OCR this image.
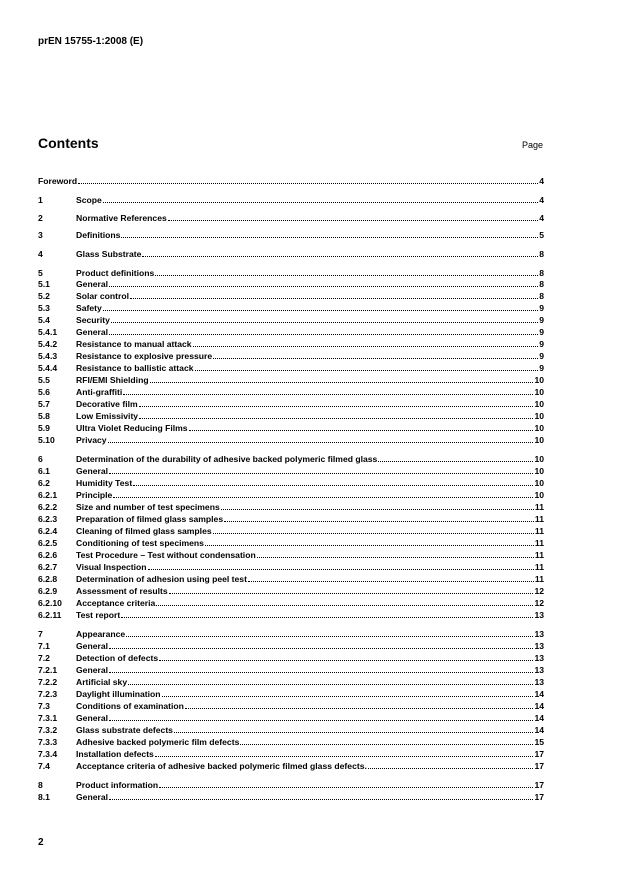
prEN 15755-1:2008 (E)
Contents	Page
Foreword	4
1	Scope	4
2	Normative References	4
3	Definitions	5
4	Glass Substrate	8
5	Product definitions	8
5.1	General	8
5.2	Solar control	8
5.3	Safety	9
5.4	Security	9
5.4.1	General	9
5.4.2	Resistance to manual attack	9
5.4.3	Resistance to explosive pressure	9
5.4.4	Resistance to ballistic attack	9
5.5	RFI/EMI Shielding	10
5.6	Anti-graffiti	10
5.7	Decorative film	10
5.8	Low Emissivity	10
5.9	Ultra Violet Reducing Films	10
5.10	Privacy	10
6	Determination of the durability of adhesive backed polymeric filmed glass	10
6.1	General	10
6.2	Humidity Test	10
6.2.1	Principle	10
6.2.2	Size and number of test specimens	11
6.2.3	Preparation of filmed glass samples	11
6.2.4	Cleaning of filmed glass samples	11
6.2.5	Conditioning of test specimens	11
6.2.6	Test Procedure – Test without condensation	11
6.2.7	Visual Inspection	11
6.2.8	Determination of adhesion using peel test	11
6.2.9	Assessment of results	12
6.2.10	Acceptance criteria	12
6.2.11	Test report	13
7	Appearance	13
7.1	General	13
7.2	Detection of defects	13
7.2.1	General	13
7.2.2	Artificial sky	13
7.2.3	Daylight illumination	14
7.3	Conditions of examination	14
7.3.1	General	14
7.3.2	Glass substrate defects	14
7.3.3	Adhesive backed polymeric film defects	15
7.3.4	Installation defects	17
7.4	Acceptance criteria of adhesive backed polymeric filmed glass defects.	17
8	Product information	17
8.1	General	17
2
